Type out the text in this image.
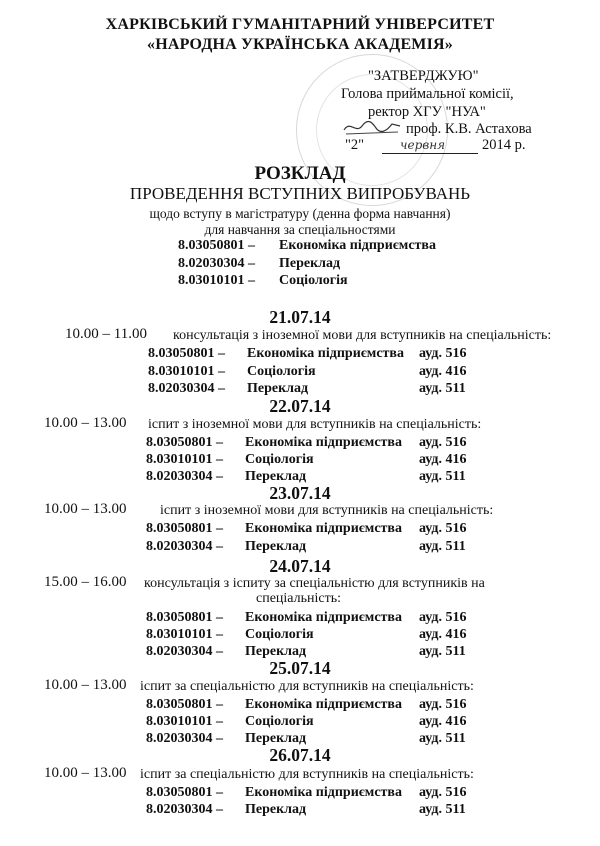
ХАРКІВСЬКИЙ ГУМАНІТАРНИЙ УНІВЕРСИТЕТ
«НАРОДНА УКРАЇНСЬКА АКАДЕМІЯ»
"ЗАТВЕРДЖУЮ"
Голова приймальної комісії,
ректор ХГУ "НУА"
проф. К.В. Астахова
"2"	червня	2014 р.
РОЗКЛАД
ПРОВЕДЕННЯ ВСТУПНИХ ВИПРОБУВАНЬ
щодо вступу в магістратуру (денна форма навчання)
для навчання за спеціальностями
8.03050801 – Економіка підприємства
8.02030304 – Переклад
8.03010101 – Соціологія
21.07.14
10.00 – 11.00 консультація з іноземної мови для вступників на спеціальність:
8.03050801 – Економіка підприємства ауд. 516
8.03010101 – Соціологія	ауд. 416
8.02030304 – Переклад	ауд. 511
22.07.14
10.00 – 13.00 іспит з іноземної мови для вступників на спеціальність:
8.03050801 – Економіка підприємства ауд. 516
8.03010101 – Соціологія	ауд. 416
8.02030304 – Переклад	ауд. 511
23.07.14
10.00 – 13.00 іспит з іноземної мови для вступників на спеціальність:
8.03050801 – Економіка підприємства ауд. 516
8.02030304 – Переклад	ауд. 511
24.07.14
15.00 – 16.00 консультація з іспиту за спеціальністю для вступників на
спеціальність:
8.03050801 – Економіка підприємства ауд. 516
8.03010101 – Соціологія	ауд. 416
8.02030304 – Переклад	ауд. 511
25.07.14
10.00 – 13.00 іспит за спеціальністю для вступників на спеціальність:
8.03050801 – Економіка підприємства ауд. 516
8.03010101 – Соціологія	ауд. 416
8.02030304 – Переклад	ауд. 511
26.07.14
10.00 – 13.00 іспит за спеціальністю для вступників на спеціальність:
8.03050801 – Економіка підприємства ауд. 516
8.02030304 – Переклад	ауд. 511
